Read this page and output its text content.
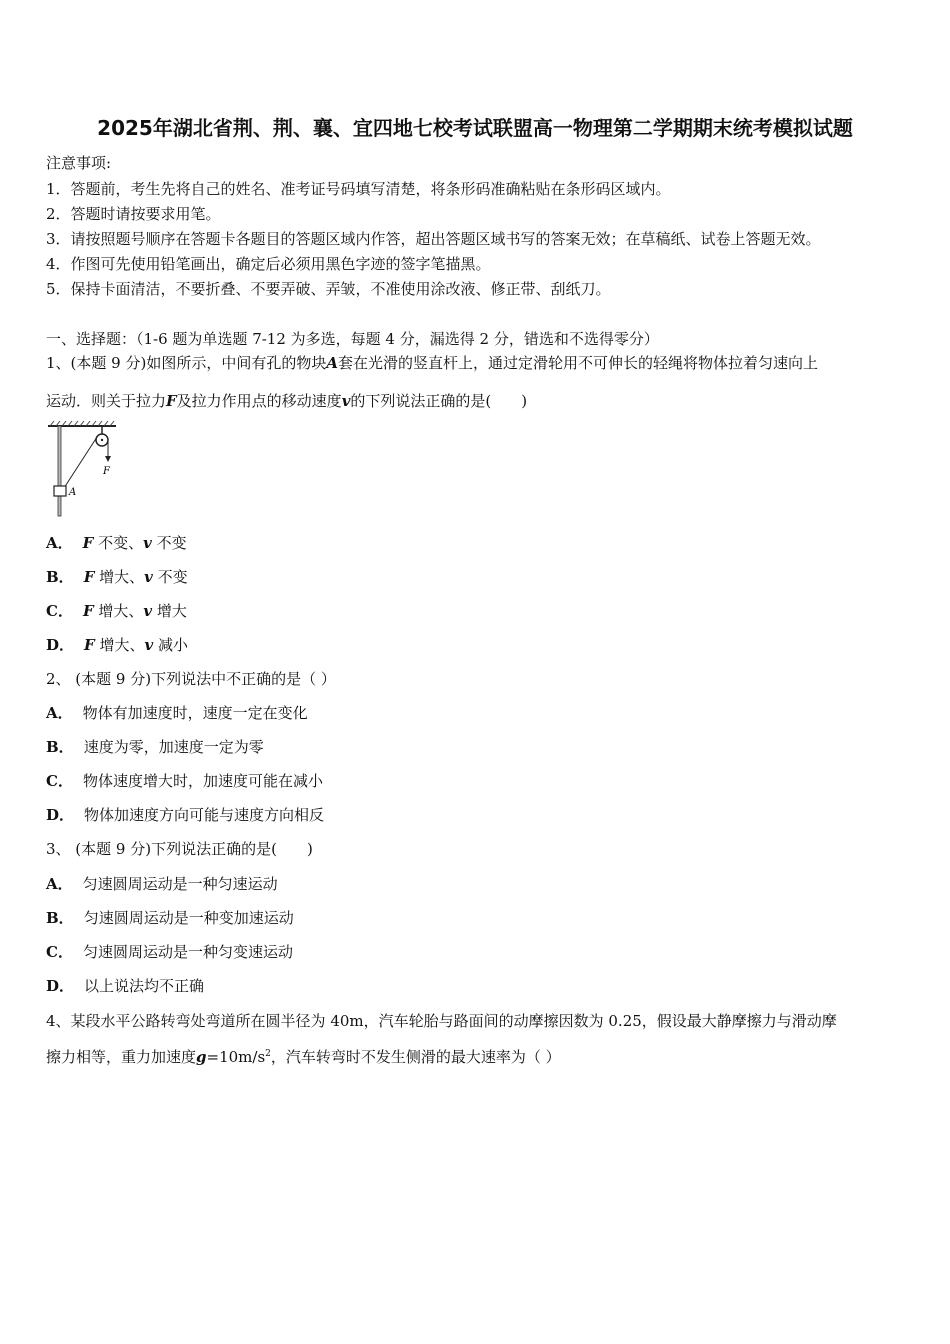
2025年湖北省荆、荆、襄、宜四地七校考试联盟高一物理第二学期期末统考模拟试题
注意事项:
1．答题前，考生先将自己的姓名、准考证号码填写清楚，将条形码准确粘贴在条形码区域内。
2．答题时请按要求用笔。
3．请按照题号顺序在答题卡各题目的答题区域内作答，超出答题区域书写的答案无效；在草稿纸、试卷上答题无效。
4．作图可先使用铅笔画出，确定后必须用黑色字迹的签字笔描黑。
5．保持卡面清洁，不要折叠、不要弄破、弄皱，不准使用涂改液、修正带、刮纸刀。
一、选择题：（1-6 题为单选题 7-12 为多选，每题 4 分，漏选得 2 分，错选和不选得零分）
1、(本题 9 分)如图所示，中间有孔的物块A套在光滑的竖直杆上，通过定滑轮用不可伸长的轻绳将物体拉着匀速向上
运动．则关于拉力F及拉力作用点的移动速度v的下列说法正确的是(　　)
F
A
A． F 不变、v 不变
B． F 增大、v 不变
C． F 增大、v 增大
D． F 增大、v 减小
2、 (本题 9 分)下列说法中不正确的是（ ）
A． 物体有加速度时，速度一定在变化
B． 速度为零，加速度一定为零
C． 物体速度增大时，加速度可能在减小
D． 物体加速度方向可能与速度方向相反
3、 (本题 9 分)下列说法正确的是(　　)
A． 匀速圆周运动是一种匀速运动
B． 匀速圆周运动是一种变加速运动
C． 匀速圆周运动是一种匀变速运动
D． 以上说法均不正确
4、某段水平公路转弯处弯道所在圆半径为 40m，汽车轮胎与路面间的动摩擦因数为 0.25，假设最大静摩擦力与滑动摩
擦力相等，重力加速度$g=10m/s^2$，汽车转弯时不发生侧滑的最大速率为（ ）
